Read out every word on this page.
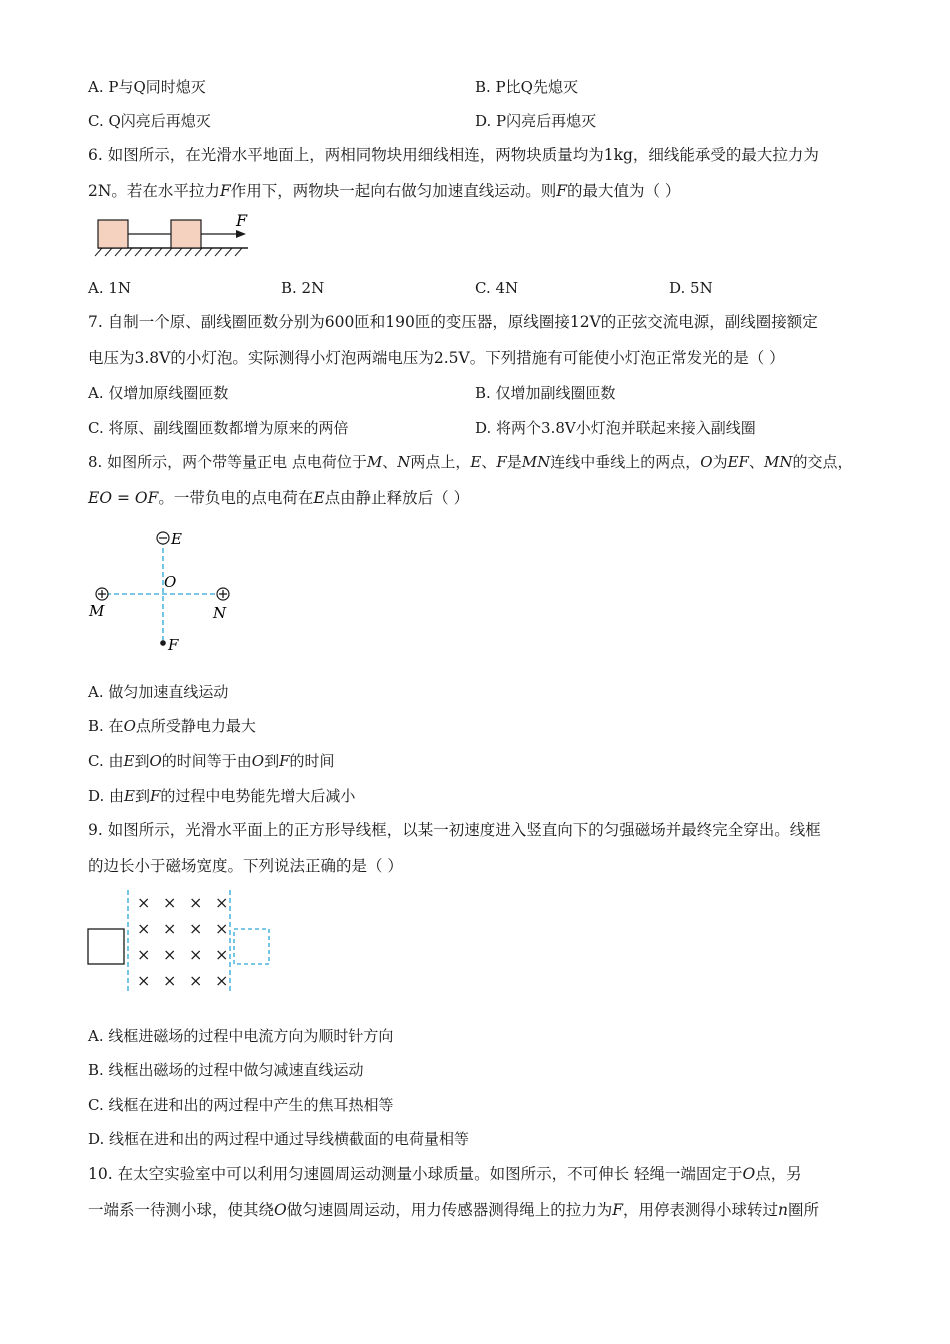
A. P与Q同时熄灭	B. P比Q先熄灭
C. Q闪亮后再熄灭	D. P闪亮后再熄灭
6. 如图所示，在光滑水平地面上，两相同物块用细线相连，两物块质量均为1kg，细线能承受的最大拉力为
2N。若在水平拉力F作用下，两物块一起向右做匀加速直线运动。则F的最大值为（ ）
F
A. 1N	B. 2N	C. 4N	D. 5N
7. 自制一个原、副线圈匝数分别为600匝和190匝的变压器，原线圈接12V的正弦交流电源，副线圈接额定
电压为3.8V的小灯泡。实际测得小灯泡两端电压为2.5V。下列措施有可能使小灯泡正常发光的是（ ）
A. 仅增加原线圈匝数	B. 仅增加副线圈匝数
C. 将原、副线圈匝数都增为原来的两倍	D. 将两个3.8V小灯泡并联起来接入副线圈
8. 如图所示，两个带等量正电 点电荷位于M、N两点上，E、F是MN连线中垂线上的两点，O为EF、MN的交点，
EO = OF。一带负电的点电荷在E点由静止释放后（ ）
E
O
M	N
F
A. 做匀加速直线运动
B. 在O点所受静电力最大
C. 由E到O的时间等于由O到F的时间
D. 由E到F的过程中电势能先增大后减小
9. 如图所示，光滑水平面上的正方形导线框，以某一初速度进入竖直向下的匀强磁场并最终完全穿出。线框
的边长小于磁场宽度。下列说法正确的是（ ）
× × × ×
× × × ×
× × × ×
× × × ×
A. 线框进磁场的过程中电流方向为顺时针方向
B. 线框出磁场的过程中做匀减速直线运动
C. 线框在进和出的两过程中产生的焦耳热相等
D. 线框在进和出的两过程中通过导线横截面的电荷量相等
10. 在太空实验室中可以利用匀速圆周运动测量小球质量。如图所示，不可伸长 轻绳一端固定于O点，另
一端系一待测小球，使其绕O做匀速圆周运动，用力传感器测得绳上的拉力为F，用停表测得小球转过n圈所
